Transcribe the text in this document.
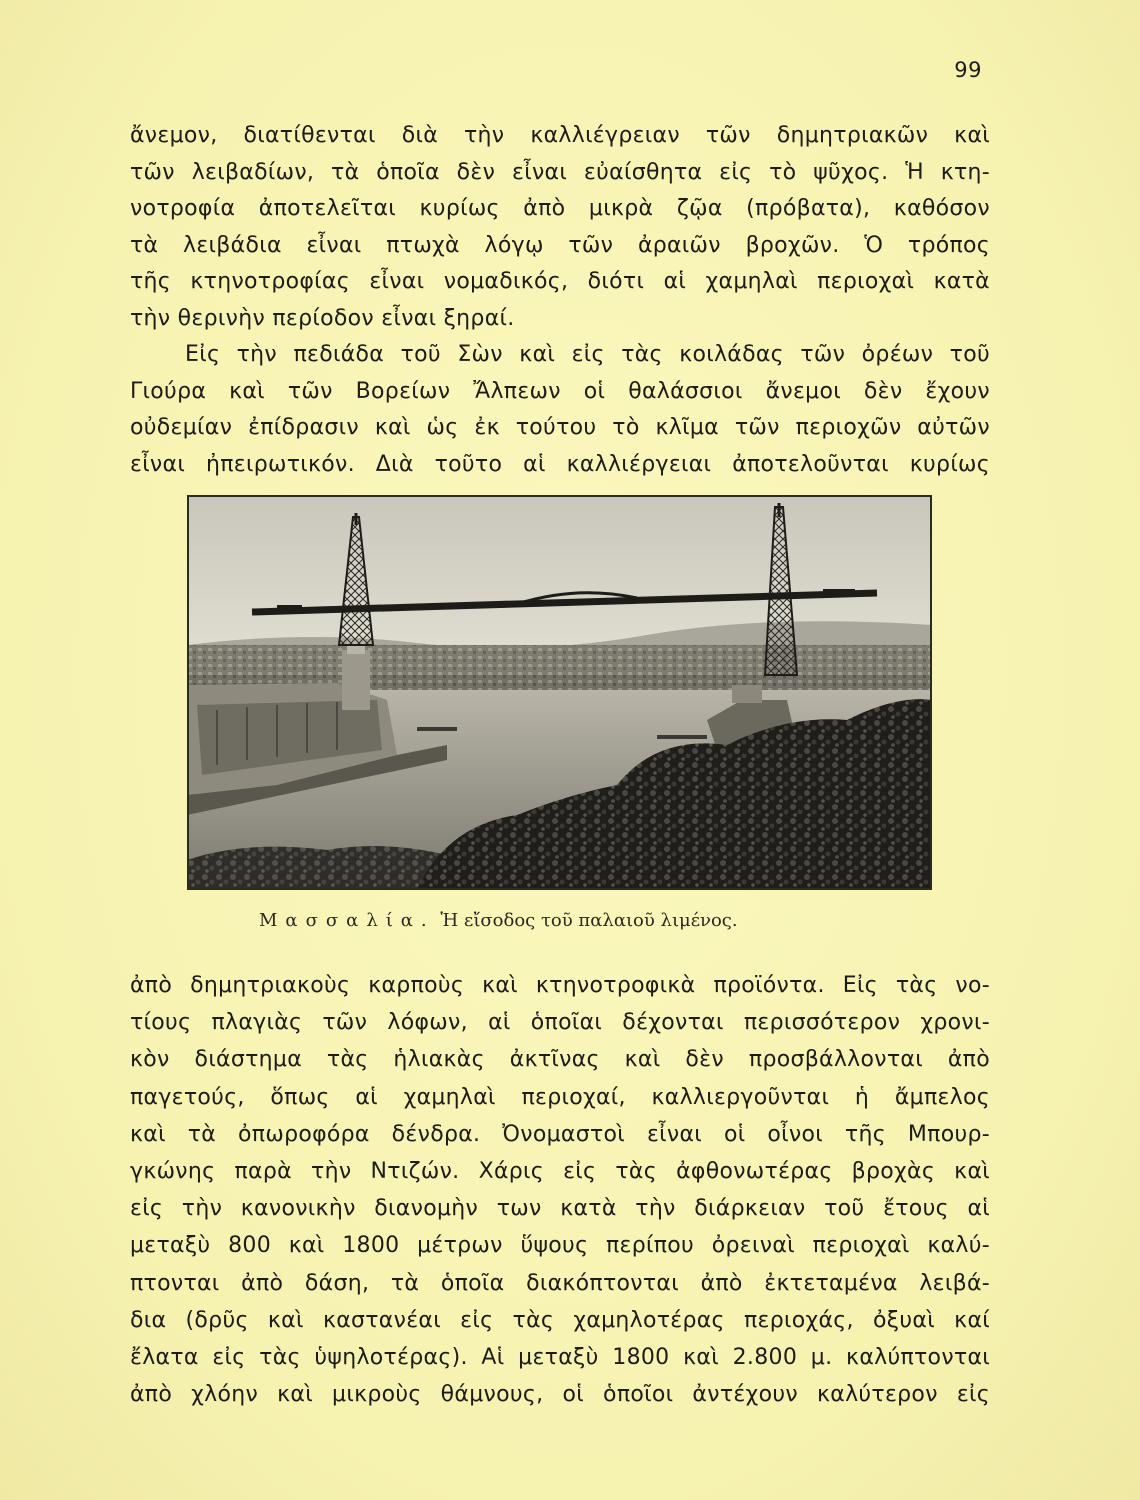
99
ἄνεμον, διατίθενται διὰ τὴν καλλιέγρειαν τῶν δημητριακῶν καὶ
τῶν λειβαδίων, τὰ ὁποῖα δὲν εἶναι εὐαίσθητα εἰς τὸ ψῦχος. Ἡ κτη-
νοτροφία ἀποτελεῖται κυρίως ἀπὸ μικρὰ ζῷα (πρόβατα), καθόσον
τὰ λειβάδια εἶναι πτωχὰ λόγῳ τῶν ἀραιῶν βροχῶν. Ὁ τρόπος
τῆς κτηνοτροφίας εἶναι νομαδικός, διότι αἱ χαμηλαὶ περιοχαὶ κατὰ
τὴν θερινὴν περίοδον εἶναι ξηραί.
Εἰς τὴν πεδιάδα τοῦ Σὼν καὶ εἰς τὰς κοιλάδας τῶν ὀρέων τοῦ
Γιούρα καὶ τῶν Βορείων Ἄλπεων οἱ θαλάσσιοι ἄνεμοι δὲν ἔχουν
οὐδεμίαν ἐπίδρασιν καὶ ὡς ἐκ τούτου τὸ κλῖμα τῶν περιοχῶν αὐτῶν
εἶναι ἠπειρωτικόν. Διὰ τοῦτο αἱ καλλιέργειαι ἀποτελοῦνται κυρίως
Μασσαλία. Ἡ εἴσοδος τοῦ παλαιοῦ λιμένος.
ἀπὸ δημητριακοὺς καρποὺς καὶ κτηνοτροφικὰ προϊόντα. Εἰς τὰς νο-
τίους πλαγιὰς τῶν λόφων, αἱ ὁποῖαι δέχονται περισσότερον χρονι-
κὸν διάστημα τὰς ἡλιακὰς ἀκτῖνας καὶ δὲν προσβάλλονται ἀπὸ
παγετούς, ὅπως αἱ χαμηλαὶ περιοχαί, καλλιεργοῦνται ἡ ἄμπελος
καὶ τὰ ὀπωροφόρα δένδρα. Ὀνομαστοὶ εἶναι οἱ οἶνοι τῆς Μπουρ-
γκώνης παρὰ τὴν Ντιζών. Χάρις εἰς τὰς ἀφθονωτέρας βροχὰς καὶ
εἰς τὴν κανονικὴν διανομὴν των κατὰ τὴν διάρκειαν τοῦ ἔτους αἱ
μεταξὺ 800 καὶ 1800 μέτρων ὕψους περίπου ὀρειναὶ περιοχαὶ καλύ-
πτονται ἀπὸ δάση, τὰ ὁποῖα διακόπτονται ἀπὸ ἐκτεταμένα λειβά-
δια (δρῦς καὶ καστανέαι εἰς τὰς χαμηλοτέρας περιοχάς, ὀξυαὶ καί
ἔλατα εἰς τὰς ὑψηλοτέρας). Αἱ μεταξὺ 1800 καὶ 2.800 μ. καλύπτονται
ἀπὸ χλόην καὶ μικροὺς θάμνους, οἱ ὁποῖοι ἀντέχουν καλύτερον εἰς
